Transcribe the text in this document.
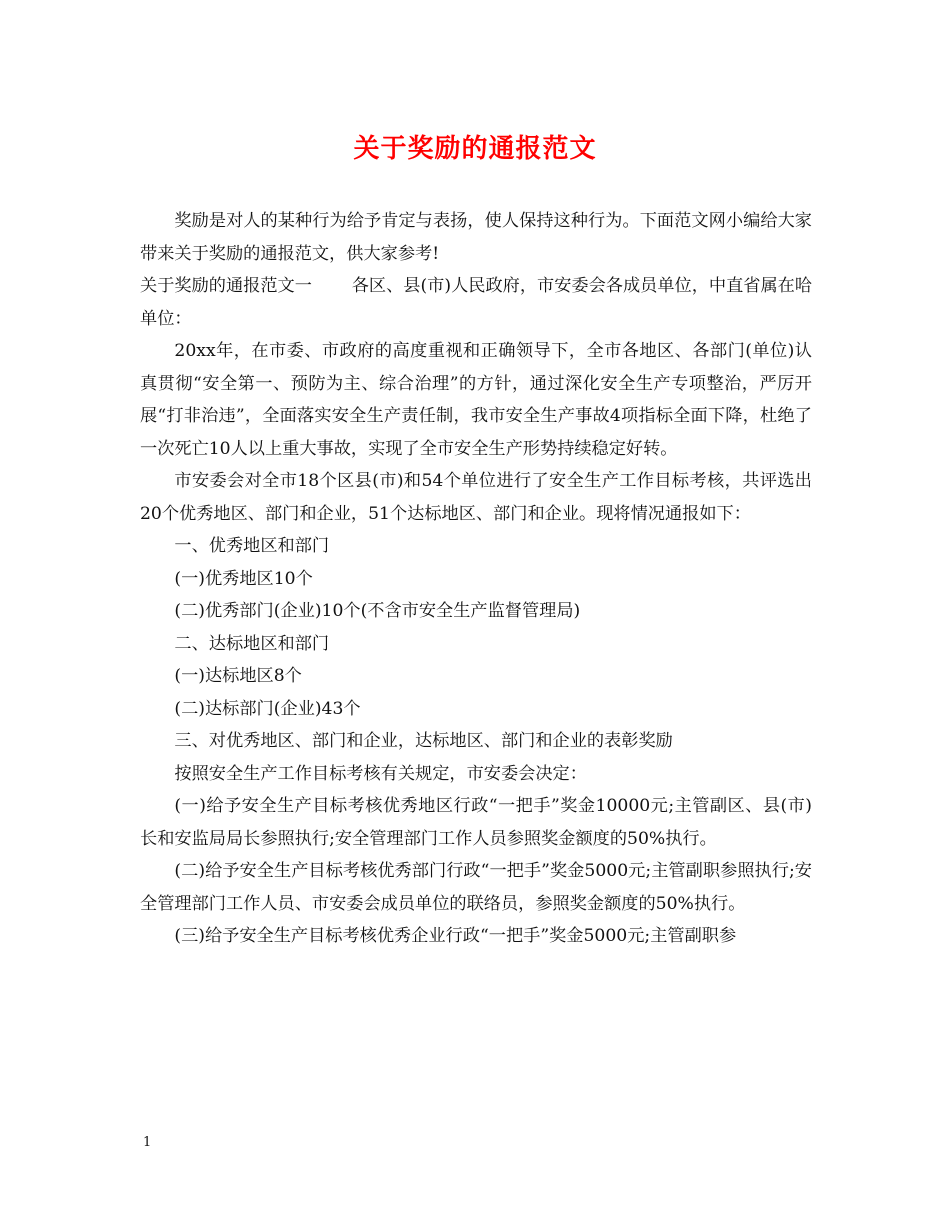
关于奖励的通报范文

奖励是对人的某种行为给予肯定与表扬，使人保持这种行为。下面范文网小编给大家带来关于奖励的通报范文，供大家参考!

关于奖励的通报范文一　　 各区、县(市)人民政府，市安委会各成员单位，中直省属在哈单位：

20xx年，在市委、市政府的高度重视和正确领导下，全市各地区、各部门(单位)认真贯彻“安全第一、预防为主、综合治理”的方针，通过深化安全生产专项整治，严厉开展“打非治违”，全面落实安全生产责任制，我市安全生产事故4项指标全面下降，杜绝了一次死亡10人以上重大事故，实现了全市安全生产形势持续稳定好转。

市安委会对全市18个区县(市)和54个单位进行了安全生产工作目标考核，共评选出20个优秀地区、部门和企业，51个达标地区、部门和企业。现将情况通报如下：

一、优秀地区和部门

(一)优秀地区10个

(二)优秀部门(企业)10个(不含市安全生产监督管理局)

二、达标地区和部门

(一)达标地区8个

(二)达标部门(企业)43个

三、对优秀地区、部门和企业，达标地区、部门和企业的表彰奖励

按照安全生产工作目标考核有关规定，市安委会决定：

(一)给予安全生产目标考核优秀地区行政“一把手”奖金10000元;主管副区、县(市)长和安监局局长参照执行;安全管理部门工作人员参照奖金额度的50%执行。

(二)给予安全生产目标考核优秀部门行政“一把手”奖金5000元;主管副职参照执行;安全管理部门工作人员、市安委会成员单位的联络员，参照奖金额度的50%执行。

(三)给予安全生产目标考核优秀企业行政“一把手”奖金5000元;主管副职参

1
